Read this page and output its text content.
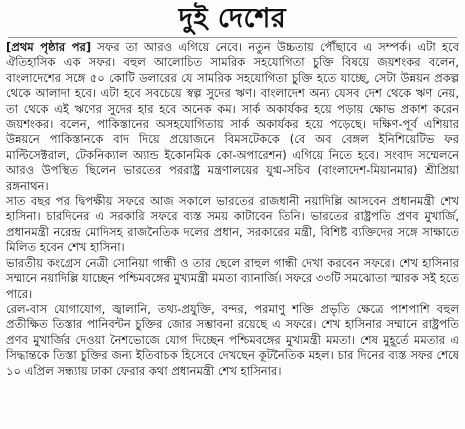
দুই দেশের

[প্রথম পৃষ্ঠার পর] সফর তা আরও এগিয়ে নেবে। নতুন উচ্চতায় পৌঁছাবে এ সম্পর্ক। এটা হবে ঐতিহাসিক এক সফর। বহুল আলোচিত সামরিক সহযোগিতা চুক্তি বিষয়ে জয়শংকর বলেন, বাংলাদেশের সঙ্গে ৫০ কোটি ডলারের যে সামরিক সহযোগিতা চুক্তি হতে যাচ্ছে, সেটা উন্নয়ন প্রকল্প থেকে আলাদা হবে। এটা হবে সবচেয়ে স্বল্প সুদের ঋণ। বাংলাদেশ অন্য যেসব দেশ থেকে ঋণ নেয়, তা থেকে এই ঋণের সুদের হার হবে অনেক কম। সার্ক অকার্যকর হয়ে পড়ায় ক্ষোভ প্রকাশ করেন জয়শংকর। বলেন, পাকিস্তানের অসহযোগিতায় সার্ক অকার্যকর হয়ে পড়েছে। দক্ষিণ-পূর্ব এশিয়ার উন্নয়নে পাকিস্তানকে বাদ দিয়ে প্রয়োজনে বিমসটেককে (বে অব বেঙ্গল ইনিশিয়েটিভ ফর মাল্টিসেক্টরাল, টেকনিক্যাল অ্যান্ড ইকোনমিক কো-অপারেশন) এগিয়ে নিতে হবে। সংবাদ সম্মেলনে আরও উপস্থিত ছিলেন ভারতের পররাষ্ট্র মন্ত্রণালয়ের যুগ্ম-সচিব (বাংলাদেশ-মিয়ানমার) শ্রীপ্রিয়া রঙ্গনাথন।

সাত বছর পর দ্বিপক্ষীয় সফরে আজ সকালে ভারতের রাজধানী নয়াদিল্লি আসবেন প্রধানমন্ত্রী শেখ হাসিনা। চারদিনের এ সরকারি সফরে ব্যস্ত সময় কাটাবেন তিনি। ভারতের রাষ্ট্রপতি প্রণব মুখার্জি, প্রধানমন্ত্রী নরেন্দ্র মোদিসহ রাজনৈতিক দলের প্রধান, সরকারের মন্ত্রী, বিশিষ্ট ব্যক্তিদের সঙ্গে সাক্ষাতে মিলিত হবেন শেখ হাসিনা।

ভারতীয় কংগ্রেস নেত্রী সোনিয়া গান্ধী ও তার ছেলে রাহুল গান্ধী দেখা করবেন সফরে। শেখ হাসিনার সম্মানে নয়াদিল্লি যাচ্ছেন পশ্চিমবঙ্গের মুখ্যমন্ত্রী মমতা ব্যানার্জি। সফরে ৩৩টি সমঝোতা স্মারক সই হতে পারে।

রেল-বাস যোগাযোগ, জ্বালানি, তথ্য-প্রযুক্তি, বন্দর, পরমাণু শক্তি প্রভৃতি ক্ষেত্রে পাশপাশি বহুল প্রতীক্ষিত তিস্তার পানিবন্টন চুক্তির জোর সম্ভাবনা রয়েছে এ সফরে। শেখ হাসিনার সম্মানে রাষ্ট্রপতি প্রণব মুখার্জির দেওয়া নৈশভোজে যোগ দিচ্ছেন পশ্চিমবঙ্গের মুখ্যমন্ত্রী মমতা। শেষ মুহূর্তে মমতার এ সিদ্ধান্তকে তিস্তা চুক্তির জন্য ইতিবাচক হিসেবে দেখছেন কূটনৈতিক মহল। চার দিনের ব্যস্ত সফর শেষে ১০ এপ্রিল সন্ধ্যায় ঢাকা ফেরার কথা প্রধানমন্ত্রী শেখ হাসিনার।
